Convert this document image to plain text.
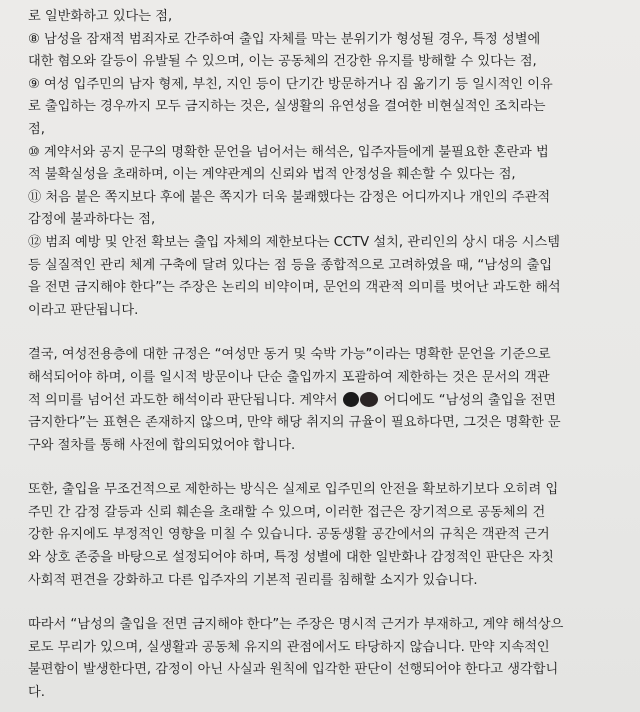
로 일반화하고 있다는 점,
⑧ 남성을 잠재적 범죄자로 간주하여 출입 자체를 막는 분위기가 형성될 경우, 특정 성별에
대한 혐오와 갈등이 유발될 수 있으며, 이는 공동체의 건강한 유지를 방해할 수 있다는 점,
⑨ 여성 입주민의 남자 형제, 부친, 지인 등이 단기간 방문하거나 짐 옮기기 등 일시적인 이유
로 출입하는 경우까지 모두 금지하는 것은, 실생활의 유연성을 결여한 비현실적인 조치라는
점,
⑩ 계약서와 공지 문구의 명확한 문언을 넘어서는 해석은, 입주자들에게 불필요한 혼란과 법
적 불확실성을 초래하며, 이는 계약관계의 신뢰와 법적 안정성을 훼손할 수 있다는 점,
⑪ 처음 붙은 쪽지보다 후에 붙은 쪽지가 더욱 불쾌했다는 감정은 어디까지나 개인의 주관적
감정에 불과하다는 점,
⑫ 범죄 예방 및 안전 확보는 출입 자체의 제한보다는 CCTV 설치, 관리인의 상시 대응 시스템
등 실질적인 관리 체계 구축에 달려 있다는 점 등을 종합적으로 고려하였을 때, “남성의 출입
을 전면 금지해야 한다”는 주장은 논리의 비약이며, 문언의 객관적 의미를 벗어난 과도한 해석
이라고 판단됩니다.
결국, 여성전용층에 대한 규정은 “여성만 동거 및 숙박 가능”이라는 명확한 문언을 기준으로
해석되어야 하며, 이를 일시적 방문이나 단순 출입까지 포괄하여 제한하는 것은 문서의 객관
적 의미를 넘어선 과도한 해석이라 판단됩니다. 계약서	어디에도 “남성의 출입을 전면
금지한다”는 표현은 존재하지 않으며, 만약 해당 취지의 규율이 필요하다면, 그것은 명확한 문
구와 절차를 통해 사전에 합의되었어야 합니다.
또한, 출입을 무조건적으로 제한하는 방식은 실제로 입주민의 안전을 확보하기보다 오히려 입
주민 간 감정 갈등과 신뢰 훼손을 초래할 수 있으며, 이러한 접근은 장기적으로 공동체의 건
강한 유지에도 부정적인 영향을 미칠 수 있습니다. 공동생활 공간에서의 규칙은 객관적 근거
와 상호 존중을 바탕으로 설정되어야 하며, 특정 성별에 대한 일반화나 감정적인 판단은 자칫
사회적 편견을 강화하고 다른 입주자의 기본적 권리를 침해할 소지가 있습니다.
따라서 “남성의 출입을 전면 금지해야 한다”는 주장은 명시적 근거가 부재하고, 계약 해석상으
로도 무리가 있으며, 실생활과 공동체 유지의 관점에서도 타당하지 않습니다. 만약 지속적인
불편함이 발생한다면, 감정이 아닌 사실과 원칙에 입각한 판단이 선행되어야 한다고 생각합니
다.
